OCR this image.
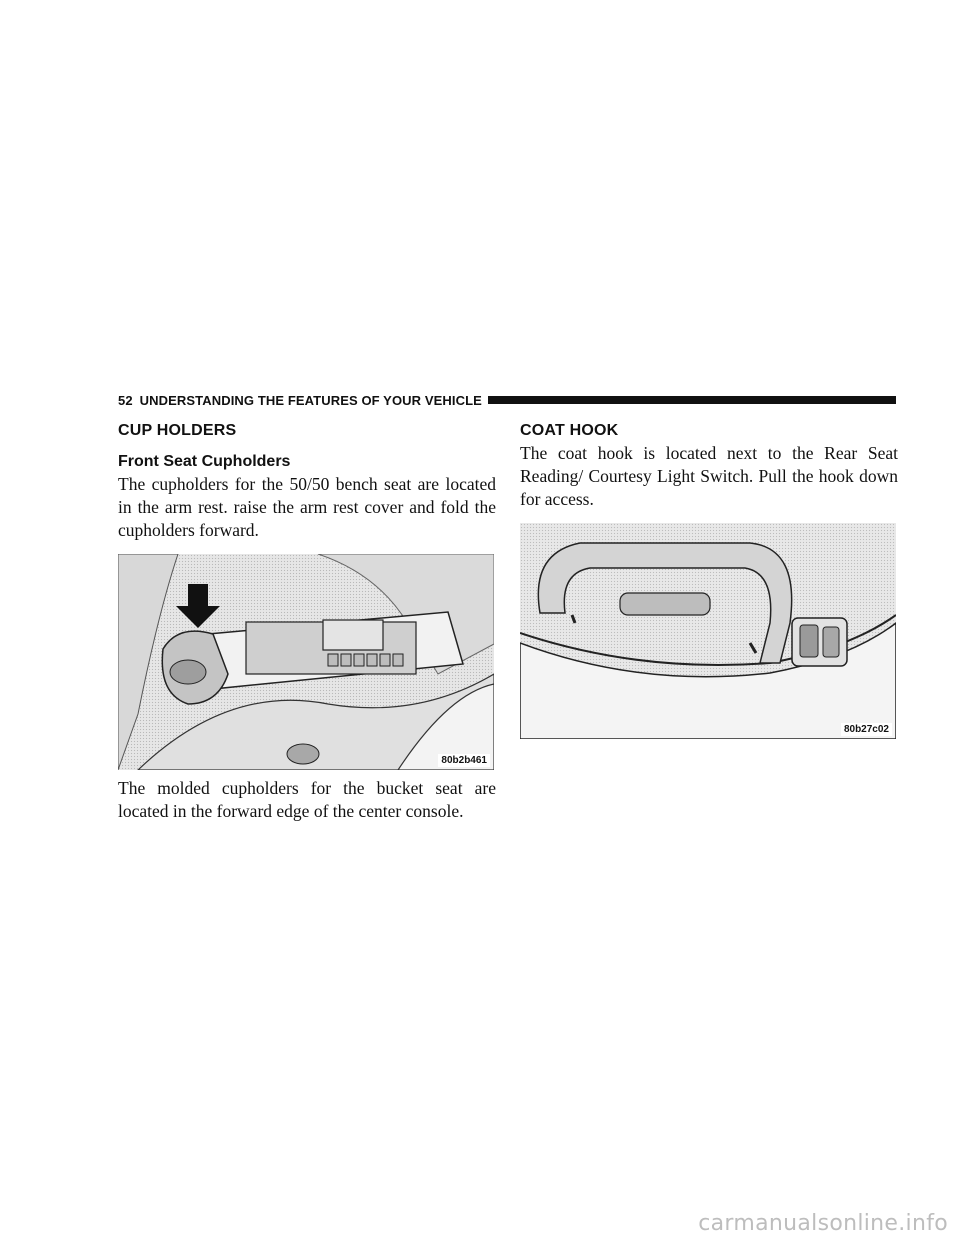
52 UNDERSTANDING THE FEATURES OF YOUR VEHICLE
CUP HOLDERS
Front Seat Cupholders

The cupholders for the 50/50 bench seat are located in the arm rest. raise the arm rest cover and fold the cupholders forward.

80b2b461

The molded cupholders for the bucket seat are located in the forward edge of the center console.

COAT HOOK

The coat hook is located next to the Rear Seat Reading/ Courtesy Light Switch. Pull the hook down for access.

80b27c02
carmanualsonline.info
